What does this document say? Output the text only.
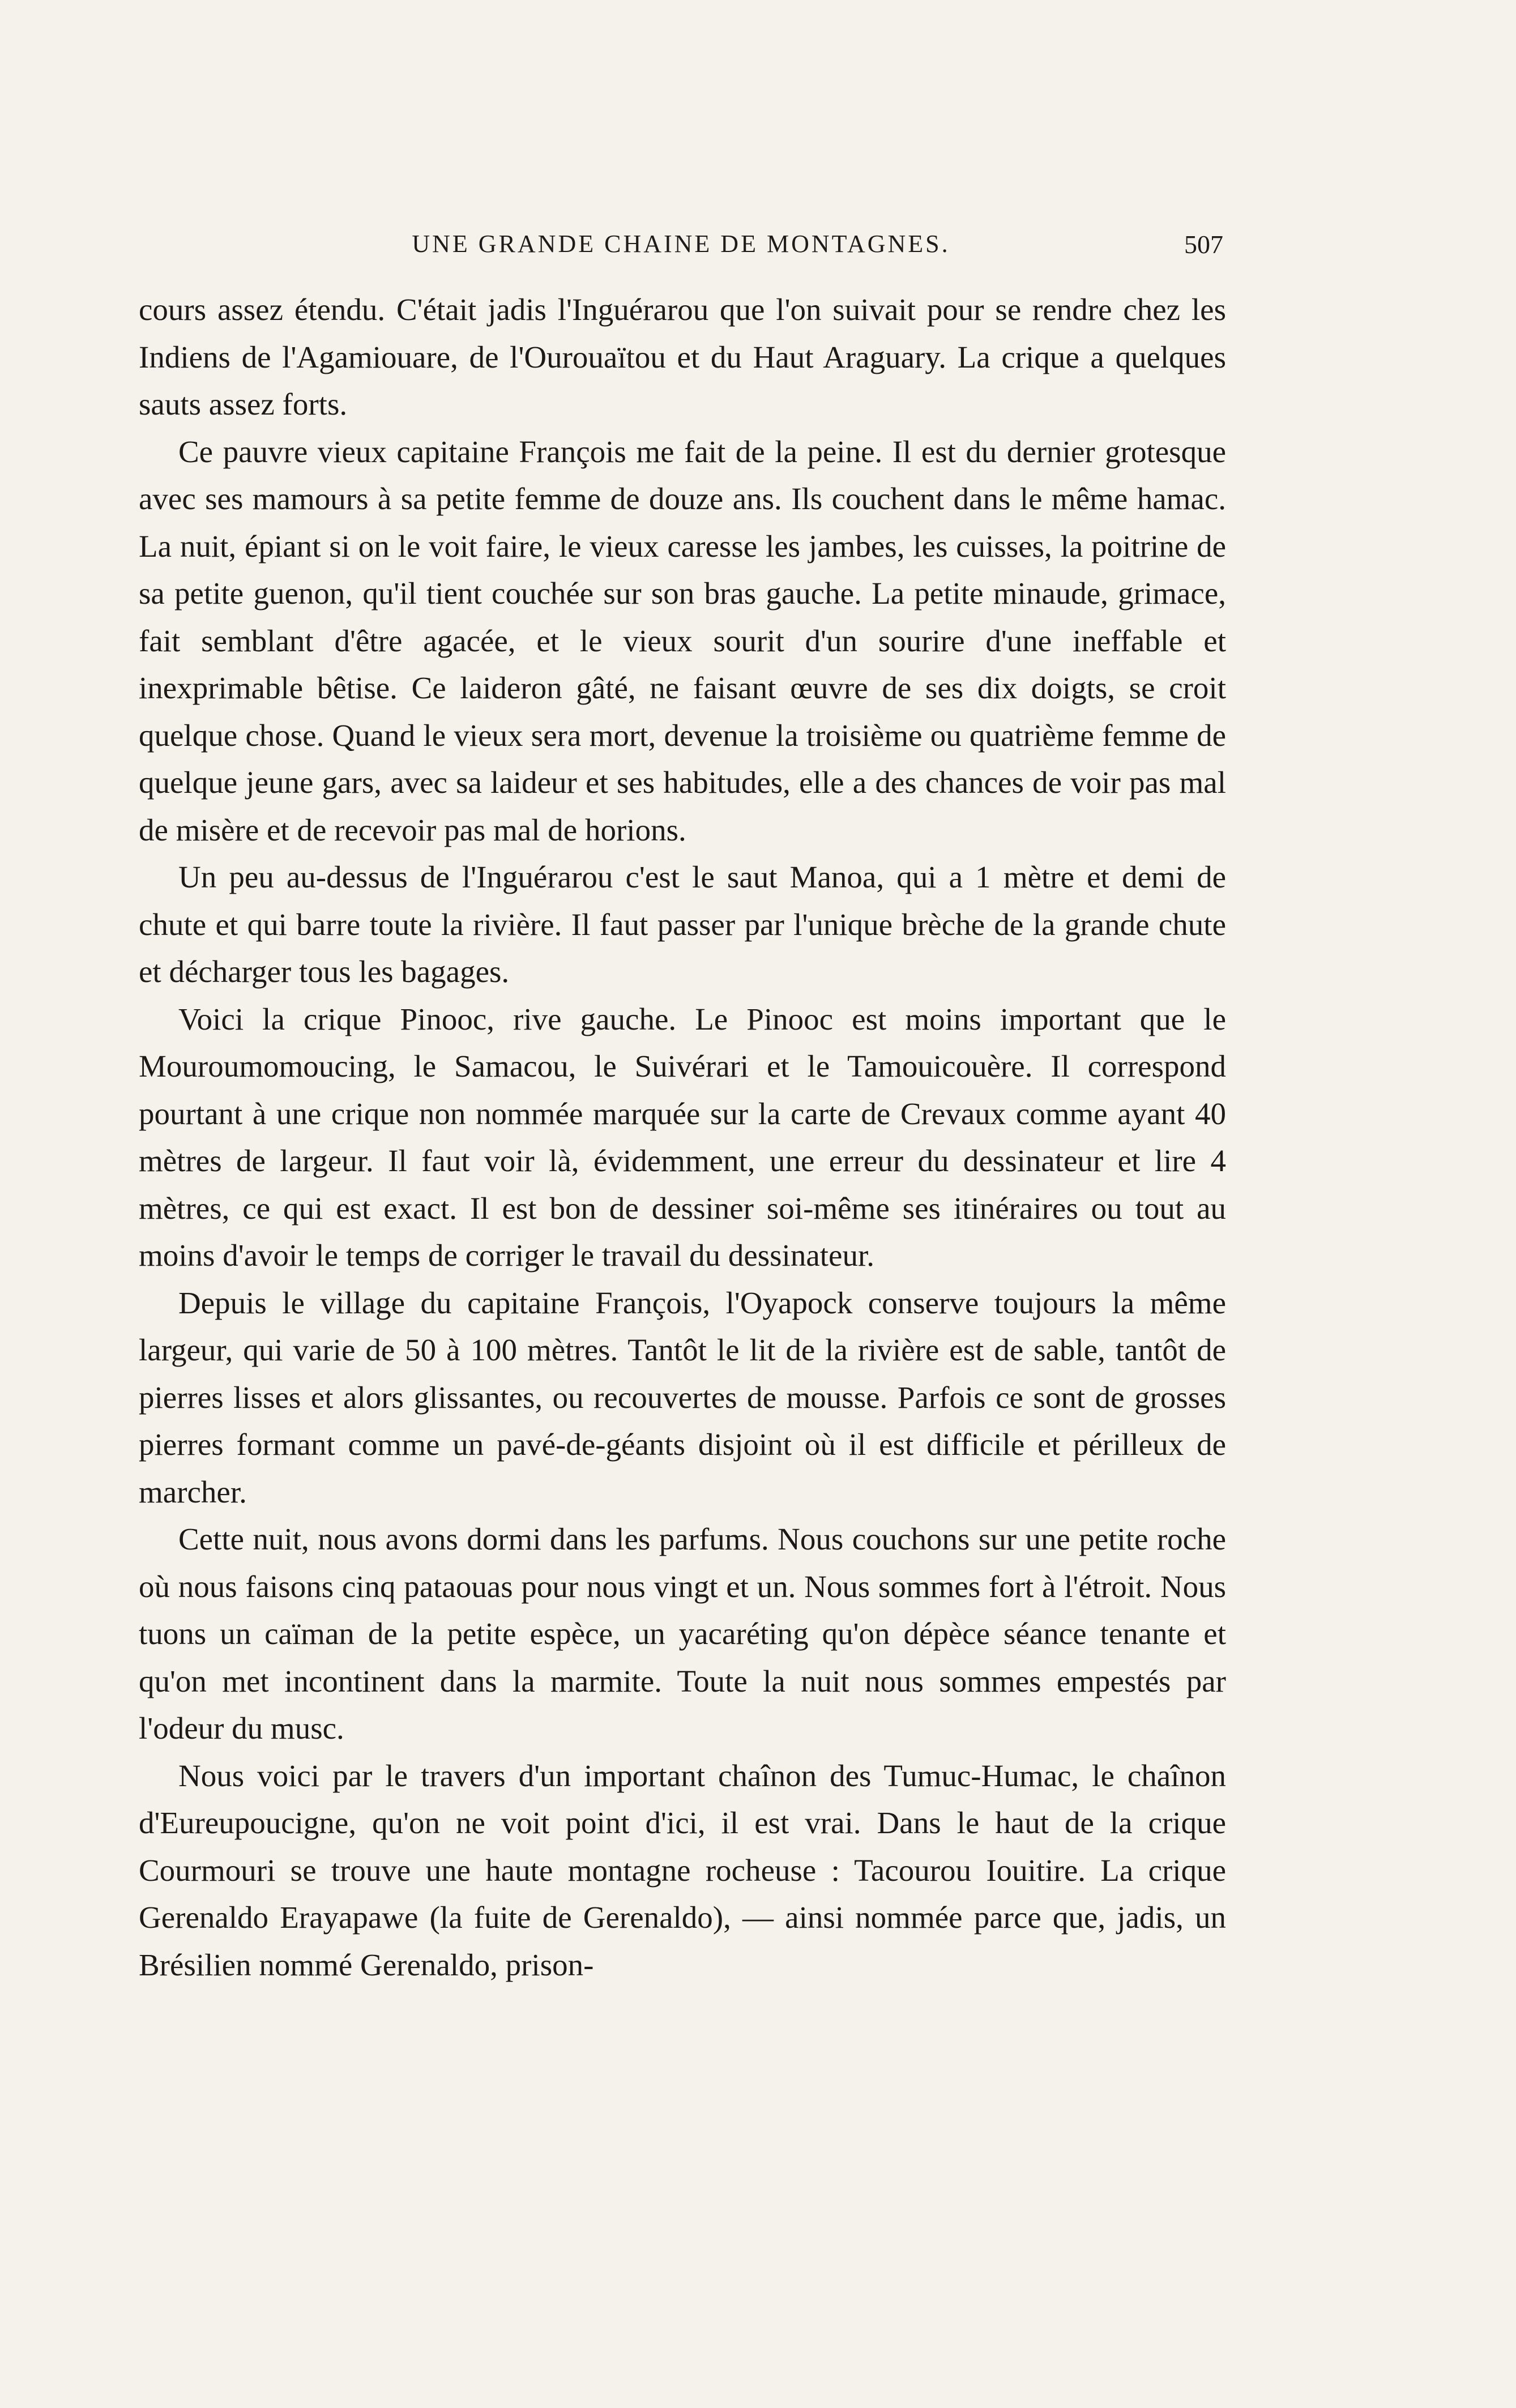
UNE GRANDE CHAINE DE MONTAGNES.	507

cours assez étendu. C'était jadis l'Inguérarou que l'on suivait pour se rendre chez les Indiens de l'Agamiouare, de l'Ourouaïtou et du Haut Araguary. La crique a quelques sauts assez forts.

Ce pauvre vieux capitaine François me fait de la peine. Il est du dernier grotesque avec ses mamours à sa petite femme de douze ans. Ils couchent dans le même hamac. La nuit, épiant si on le voit faire, le vieux caresse les jambes, les cuisses, la poitrine de sa petite guenon, qu'il tient couchée sur son bras gauche. La petite minaude, grimace, fait semblant d'être agacée, et le vieux sourit d'un sourire d'une ineffable et inexprimable bêtise. Ce laideron gâté, ne faisant œuvre de ses dix doigts, se croit quelque chose. Quand le vieux sera mort, devenue la troisième ou quatrième femme de quelque jeune gars, avec sa laideur et ses habitudes, elle a des chances de voir pas mal de misère et de recevoir pas mal de horions.

Un peu au-dessus de l'Inguérarou c'est le saut Manoa, qui a 1 mètre et demi de chute et qui barre toute la rivière. Il faut passer par l'unique brèche de la grande chute et décharger tous les bagages.

Voici la crique Pinooc, rive gauche. Le Pinooc est moins important que le Mouroumomoucing, le Samacou, le Suivérari et le Tamouicouère. Il correspond pourtant à une crique non nommée marquée sur la carte de Crevaux comme ayant 40 mètres de largeur. Il faut voir là, évidemment, une erreur du dessinateur et lire 4 mètres, ce qui est exact. Il est bon de dessiner soi-même ses itinéraires ou tout au moins d'avoir le temps de corriger le travail du dessinateur.

Depuis le village du capitaine François, l'Oyapock conserve toujours la même largeur, qui varie de 50 à 100 mètres. Tantôt le lit de la rivière est de sable, tantôt de pierres lisses et alors glissantes, ou recouvertes de mousse. Parfois ce sont de grosses pierres formant comme un pavé-de-géants disjoint où il est difficile et périlleux de marcher.

Cette nuit, nous avons dormi dans les parfums. Nous couchons sur une petite roche où nous faisons cinq pataouas pour nous vingt et un. Nous sommes fort à l'étroit. Nous tuons un caïman de la petite espèce, un yacaréting qu'on dépèce séance tenante et qu'on met incontinent dans la marmite. Toute la nuit nous sommes empestés par l'odeur du musc.

Nous voici par le travers d'un important chaînon des Tumuc-Humac, le chaînon d'Eureupoucigne, qu'on ne voit point d'ici, il est vrai. Dans le haut de la crique Courmouri se trouve une haute montagne rocheuse : Tacourou Iouitire. La crique Gerenaldo Erayapawe (la fuite de Gerenaldo), — ainsi nommée parce que, jadis, un Brésilien nommé Gerenaldo, prison-
